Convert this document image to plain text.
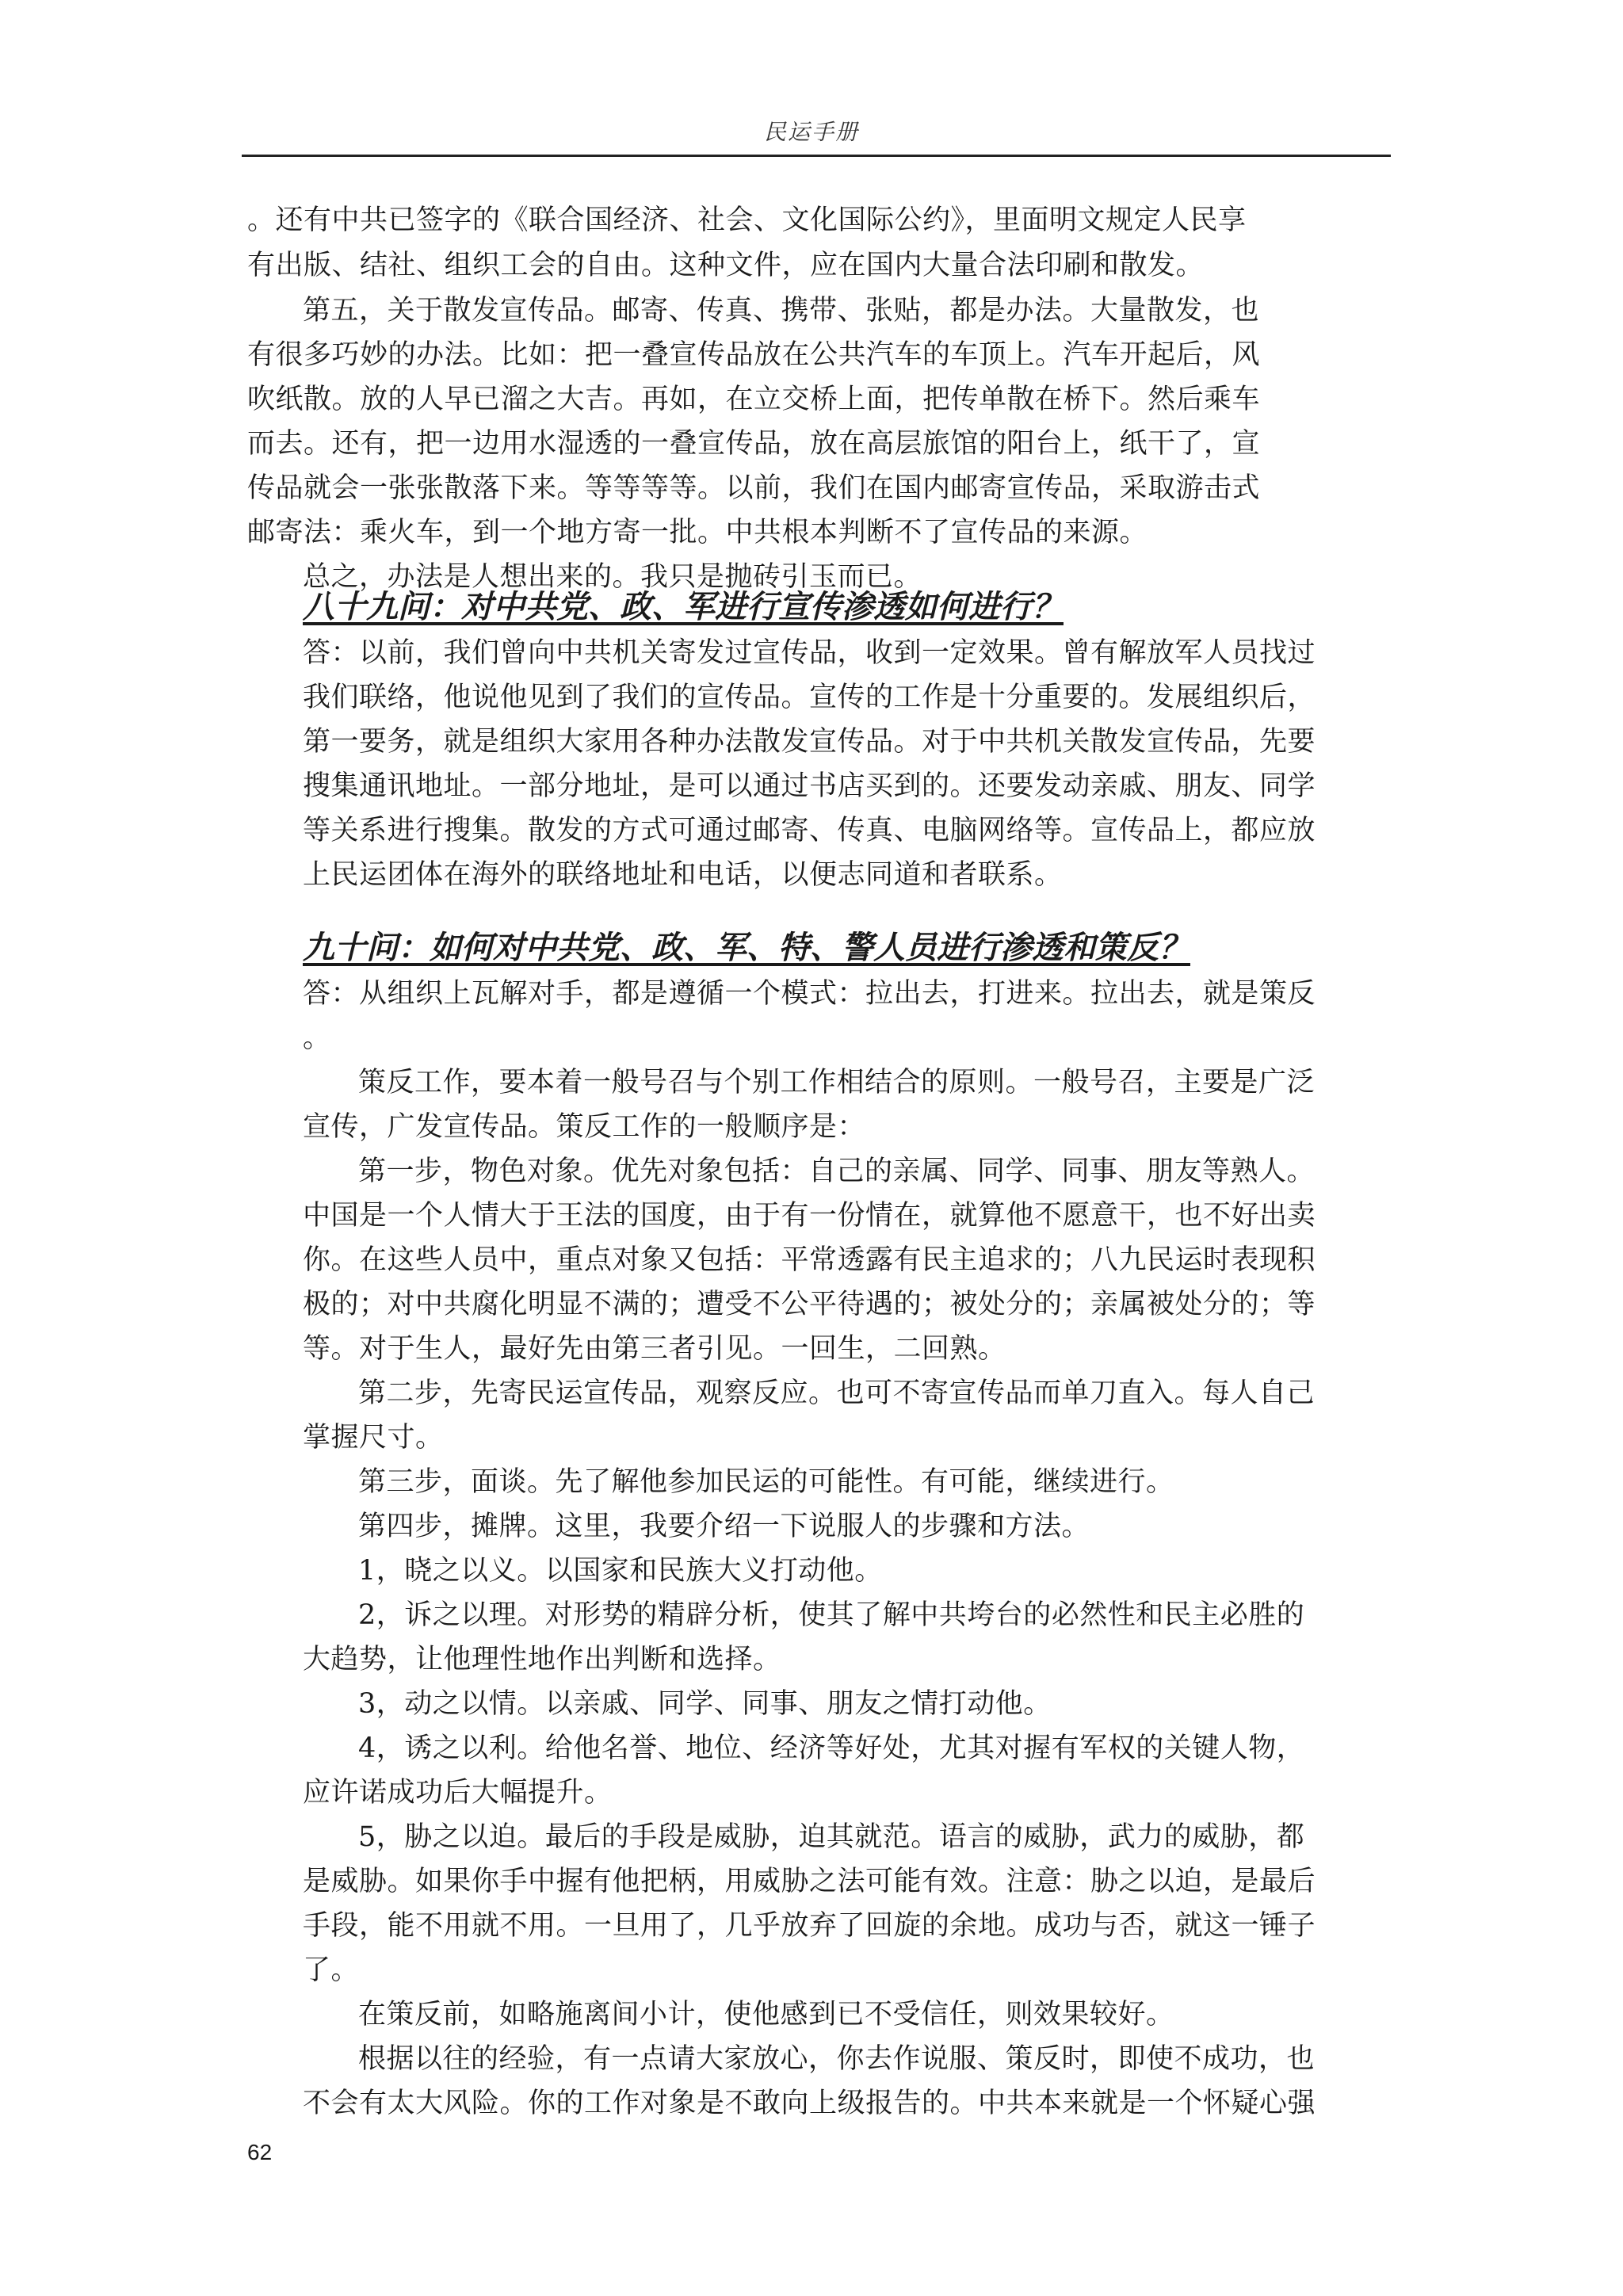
民运手册
。还有中共已签字的《联合国经济、社会、文化国际公约》，里面明文规定人民享
有出版、结社、组织工会的自由。这种文件，应在国内大量合法印刷和散发。
第五，关于散发宣传品。邮寄、传真、携带、张贴，都是办法。大量散发，也
有很多巧妙的办法。比如：把一叠宣传品放在公共汽车的车顶上。汽车开起后，风
吹纸散。放的人早已溜之大吉。再如，在立交桥上面，把传单散在桥下。然后乘车
而去。还有，把一边用水湿透的一叠宣传品，放在高层旅馆的阳台上，纸干了，宣
传品就会一张张散落下来。等等等等。以前，我们在国内邮寄宣传品，采取游击式
邮寄法：乘火车，到一个地方寄一批。中共根本判断不了宣传品的来源。
总之，办法是人想出来的。我只是抛砖引玉而已。
八十九问：对中共党、政、军进行宣传渗透如何进行？
答：以前，我们曾向中共机关寄发过宣传品，收到一定效果。曾有解放军人员找过
我们联络，他说他见到了我们的宣传品。宣传的工作是十分重要的。发展组织后，
第一要务，就是组织大家用各种办法散发宣传品。对于中共机关散发宣传品，先要
搜集通讯地址。一部分地址，是可以通过书店买到的。还要发动亲戚、朋友、同学
等关系进行搜集。散发的方式可通过邮寄、传真、电脑网络等。宣传品上，都应放
上民运团体在海外的联络地址和电话，以便志同道和者联系。
九十问：如何对中共党、政、军、特、警人员进行渗透和策反？
答：从组织上瓦解对手，都是遵循一个模式：拉出去，打进来。拉出去，就是策反
。
策反工作，要本着一般号召与个别工作相结合的原则。一般号召，主要是广泛
宣传，广发宣传品。策反工作的一般顺序是：
第一步，物色对象。优先对象包括：自己的亲属、同学、同事、朋友等熟人。
中国是一个人情大于王法的国度，由于有一份情在，就算他不愿意干，也不好出卖
你。在这些人员中，重点对象又包括：平常透露有民主追求的；八九民运时表现积
极的；对中共腐化明显不满的；遭受不公平待遇的；被处分的；亲属被处分的；等
等。对于生人，最好先由第三者引见。一回生，二回熟。
第二步，先寄民运宣传品，观察反应。也可不寄宣传品而单刀直入。每人自己
掌握尺寸。
第三步，面谈。先了解他参加民运的可能性。有可能，继续进行。
第四步，摊牌。这里，我要介绍一下说服人的步骤和方法。
1，晓之以义。以国家和民族大义打动他。
2，诉之以理。对形势的精辟分析，使其了解中共垮台的必然性和民主必胜的
大趋势，让他理性地作出判断和选择。
3，动之以情。以亲戚、同学、同事、朋友之情打动他。
4，诱之以利。给他名誉、地位、经济等好处，尤其对握有军权的关键人物，
应许诺成功后大幅提升。
5，胁之以迫。最后的手段是威胁，迫其就范。语言的威胁，武力的威胁，都
是威胁。如果你手中握有他把柄，用威胁之法可能有效。注意：胁之以迫，是最后
手段，能不用就不用。一旦用了，几乎放弃了回旋的余地。成功与否，就这一锤子
了。
在策反前，如略施离间小计，使他感到已不受信任，则效果较好。
根据以往的经验，有一点请大家放心，你去作说服、策反时，即使不成功，也
不会有太大风险。你的工作对象是不敢向上级报告的。中共本来就是一个怀疑心强
62
